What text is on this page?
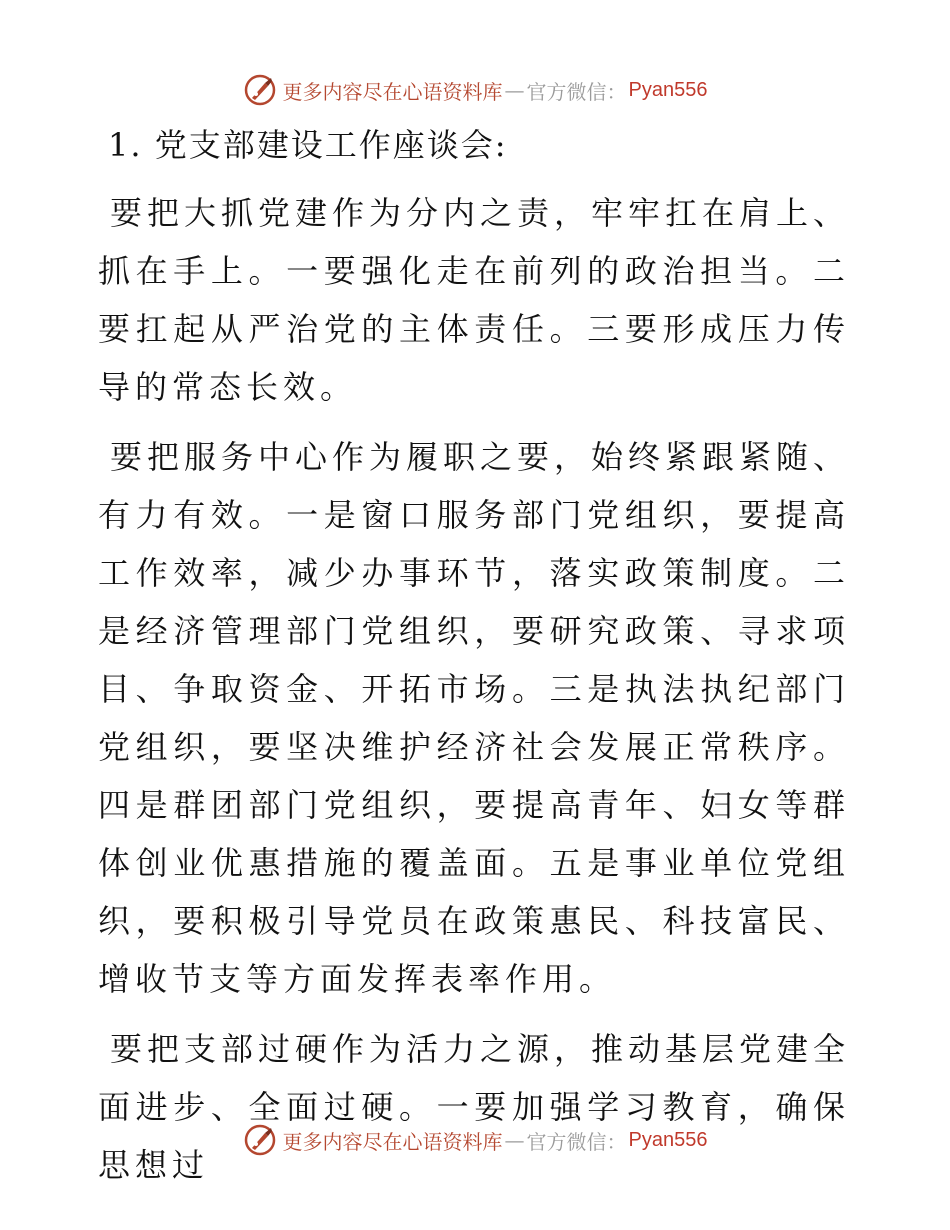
更多内容尽在心语资料库 — 官方微信： Pyan556
1. 党支部建设工作座谈会:

要把大抓党建作为分内之责，牢牢扛在肩上、抓在手上。一要强化走在前列的政治担当。二要扛起从严治党的主体责任。三要形成压力传导的常态长效。

要把服务中心作为履职之要，始终紧跟紧随、有力有效。一是窗口服务部门党组织，要提高工作效率，减少办事环节，落实政策制度。二是经济管理部门党组织，要研究政策、寻求项目、争取资金、开拓市场。三是执法执纪部门党组织，要坚决维护经济社会发展正常秩序。四是群团部门党组织，要提高青年、妇女等群体创业优惠措施的覆盖面。五是事业单位党组织，要积极引导党员在政策惠民、科技富民、增收节支等方面发挥表率作用。

要把支部过硬作为活力之源，推动基层党建全面进步、全面过硬。一要加强学习教育，确保思想过

更多内容尽在心语资料库 — 官方微信： Pyan556
